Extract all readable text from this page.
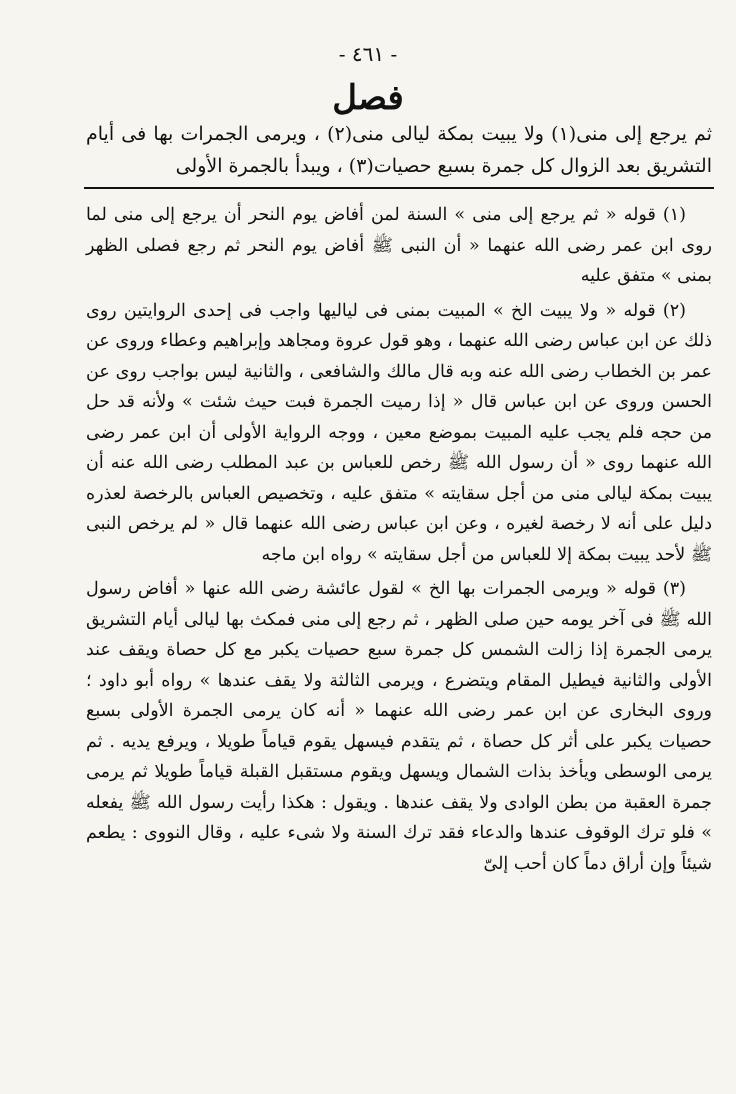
- ٤٦١ -
فصل
ثم يرجع إلى منى(١) ولا يبيت بمكة ليالى منى(٢) ، ويرمى الجمرات بها فى أيام التشريق بعد الزوال كل جمرة بسبع حصيات(٣) ، ويبدأ بالجمرة الأولى

(١) قوله « ثم يرجع إلى منى » السنة لمن أفاض يوم النحر أن يرجع إلى منى لما روى ابن عمر رضى الله عنهما « أن النبى ﷺ أفاض يوم النحر ثم رجع فصلى الظهر بمنى » متفق عليه

(٢) قوله « ولا يبيت الخ » المبيت بمنى فى لياليها واجب فى إحدى الروايتين روى ذلك عن ابن عباس رضى الله عنهما ، وهو قول عروة ومجاهد وإبراهيم وعطاء وروى عن عمر بن الخطاب رضى الله عنه وبه قال مالك والشافعى ، والثانية ليس بواجب روى عن الحسن وروى عن ابن عباس قال « إذا رميت الجمرة فبت حيث شئت » ولأنه قد حل من حجه فلم يجب عليه المبيت بموضع معين ، ووجه الرواية الأولى أن ابن عمر رضى الله عنهما روى « أن رسول الله ﷺ رخص للعباس بن عبد المطلب رضى الله عنه أن يبيت بمكة ليالى منى من أجل سقايته » متفق عليه ، وتخصيص العباس بالرخصة لعذره دليل على أنه لا رخصة لغيره ، وعن ابن عباس رضى الله عنهما قال « لم يرخص النبى ﷺ لأحد يبيت بمكة إلا للعباس من أجل سقايته » رواه ابن ماجه

(٣) قوله « ويرمى الجمرات بها الخ » لقول عائشة رضى الله عنها « أفاض رسول الله ﷺ فى آخر يومه حين صلى الظهر ، ثم رجع إلى منى فمكث بها ليالى أيام التشريق يرمى الجمرة إذا زالت الشمس كل جمرة سبع حصيات يكبر مع كل حصاة ويقف عند الأولى والثانية فيطيل المقام ويتضرع ، ويرمى الثالثة ولا يقف عندها » رواه أبو داود ؛ وروى البخارى عن ابن عمر رضى الله عنهما « أنه كان يرمى الجمرة الأولى بسبع حصيات يكبر على أثر كل حصاة ، ثم يتقدم فيسهل يقوم قياماً طويلا ، ويرفع يديه . ثم يرمى الوسطى ويأخذ بذات الشمال ويسهل ويقوم مستقبل القبلة قياماً طويلا ثم يرمى جمرة العقبة من بطن الوادى ولا يقف عندها . ويقول : هكذا رأيت رسول الله ﷺ يفعله » فلو ترك الوقوف عندها والدعاء فقد ترك السنة ولا شىء عليه ، وقال النووى : يطعم شيئاً وإن أراق دماً كان أحب إلىّ
